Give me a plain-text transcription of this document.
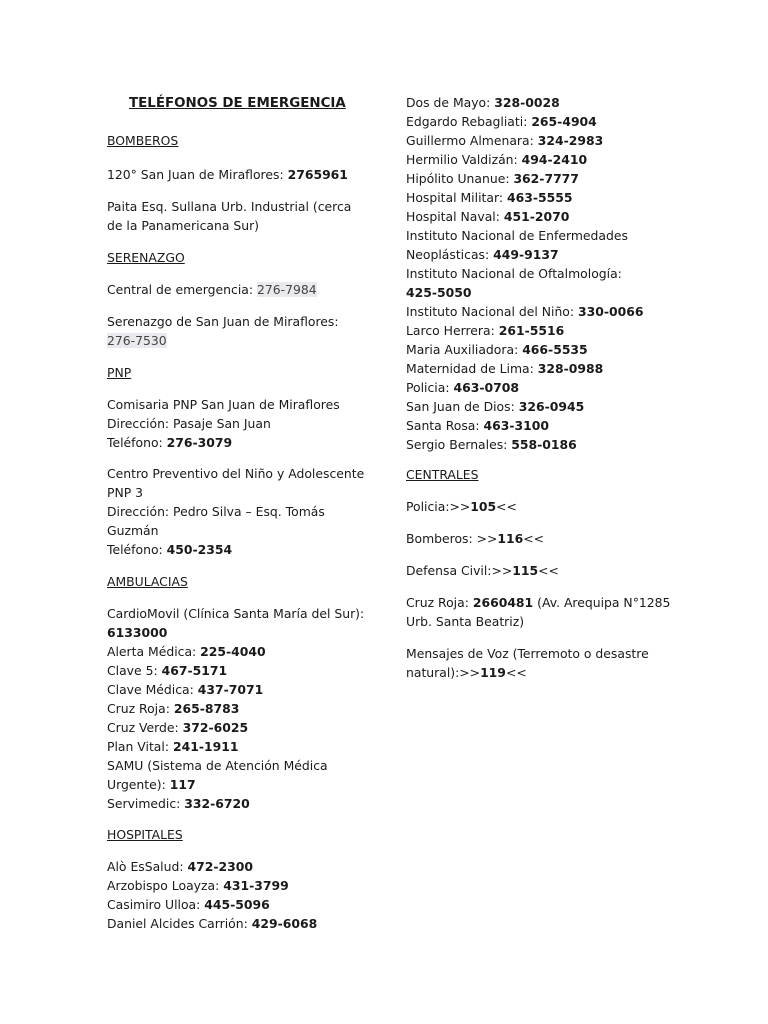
TELÉFONOS DE EMERGENCIA
BOMBEROS
120° San Juan de Miraflores: 2765961
Paita Esq. Sullana Urb. Industrial (cerca
de la Panamericana Sur)
SERENAZGO
Central de emergencia: 276-7984
Serenazgo de San Juan de Miraflores:
276-7530
PNP
Comisaria PNP San Juan de Miraflores
Dirección: Pasaje San Juan
Teléfono: 276-3079
Centro Preventivo del Niño y Adolescente
PNP 3
Dirección: Pedro Silva – Esq. Tomás
Guzmán
Teléfono: 450-2354
AMBULACIAS
CardioMovil (Clínica Santa María del Sur):
6133000
Alerta Médica: 225-4040
Clave 5: 467-5171
Clave Médica: 437-7071
Cruz Roja: 265-8783
Cruz Verde: 372-6025
Plan Vital: 241-1911
SAMU (Sistema de Atención Médica
Urgente): 117
Servimedic: 332-6720
HOSPITALES
Alò EsSalud: 472-2300
Arzobispo Loayza: 431-3799
Casimiro Ulloa: 445-5096
Daniel Alcides Carrión: 429-6068
Dos de Mayo: 328-0028
Edgardo Rebagliati: 265-4904
Guillermo Almenara: 324-2983
Hermilio Valdizán: 494-2410
Hipólito Unanue: 362-7777
Hospital Militar: 463-5555
Hospital Naval: 451-2070
Instituto Nacional de Enfermedades
Neoplásticas: 449-9137
Instituto Nacional de Oftalmología:
425-5050
Instituto Nacional del Niño: 330-0066
Larco Herrera: 261-5516
Maria Auxiliadora: 466-5535
Maternidad de Lima: 328-0988
Policia: 463-0708
San Juan de Dios: 326-0945
Santa Rosa: 463-3100
Sergio Bernales: 558-0186
CENTRALES
Policia:>>105<<
Bomberos: >>116<<
Defensa Civil:>>115<<
Cruz Roja: 2660481 (Av. Arequipa N°1285
Urb. Santa Beatriz)
Mensajes de Voz (Terremoto o desastre
natural):>>119<<
